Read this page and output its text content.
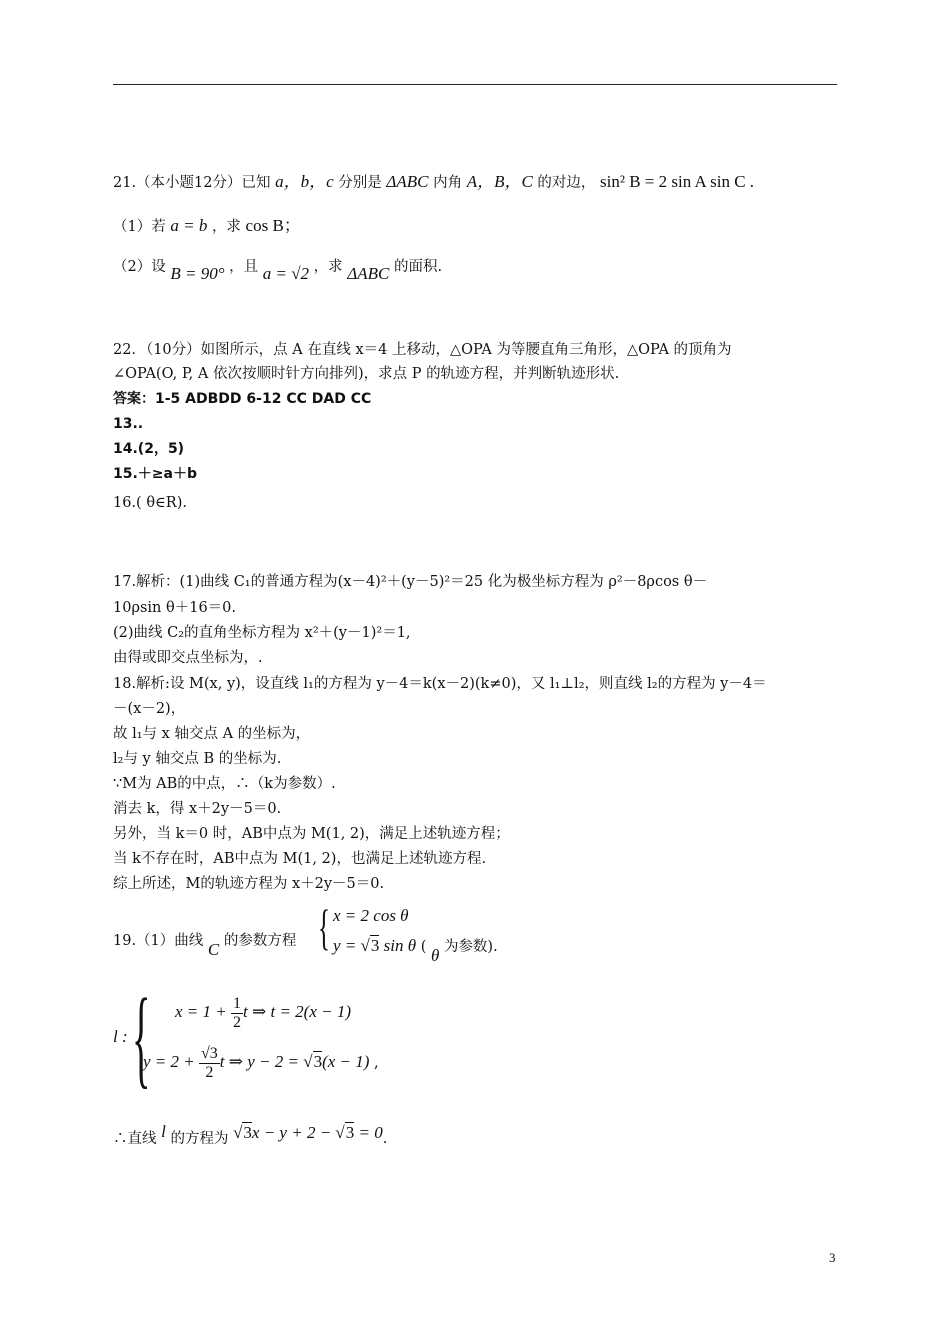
21.（本小题12分）已知 a，b，c 分别是 ΔABC 内角 A，B，C 的对边， sin² B = 2 sin A sin C .
（1）若 a = b ，求 cos B；
（2）设 B = 90° ，且 a = √2 ，求 ΔABC 的面积.
22．（10分）如图所示，点 A 在直线 x＝4 上移动，△OPA 为等腰直角三角形，△OPA 的顶角为
∠OPA(O, P, A 依次按顺时针方向排列)，求点 P 的轨迹方程，并判断轨迹形状.
答案：1-5 ADBDD 6-12 CC DAD CC
13..
14.(2，5)
15.＋≥a＋b
16.( θ∈R).
17.解析：(1)曲线 C₁的普通方程为(x－4)²＋(y－5)²＝25 化为极坐标方程为 ρ²－8ρcos θ－
10ρsin θ＋16＝0.
(2)曲线 C₂的直角坐标方程为 x²＋(y－1)²＝1,
由得或即交点坐标为，.
18.解析:设 M(x, y)，设直线 l₁的方程为 y－4＝k(x－2)(k≠0)，又 l₁⊥l₂，则直线 l₂的方程为 y－4＝
－(x－2)，
故 l₁与 x 轴交点 A 的坐标为，
l₂与 y 轴交点 B 的坐标为.
∵M为 AB的中点，∴（k为参数）.
消去 k，得 x＋2y－5＝0.
另外，当 k＝0 时，AB中点为 M(1, 2)，满足上述轨迹方程；
当 k不存在时，AB中点为 M(1, 2)，也满足上述轨迹方程.
综上所述，M的轨迹方程为 x＋2y－5＝0.
19.（1）曲线 C 的参数方程 { x = 2 cos θ
y = √3 sin θ ( θ 为参数).
l : { $x = 1 + \frac{1}{2}$ t ⇒ t = 2(x − 1)
$y = 2 + \frac{√3}{2}$ t ⇒ y − 2 = √3(x − 1) ,
∴直线 l 的方程为 √3x − y + 2 − √3 = 0.
3
